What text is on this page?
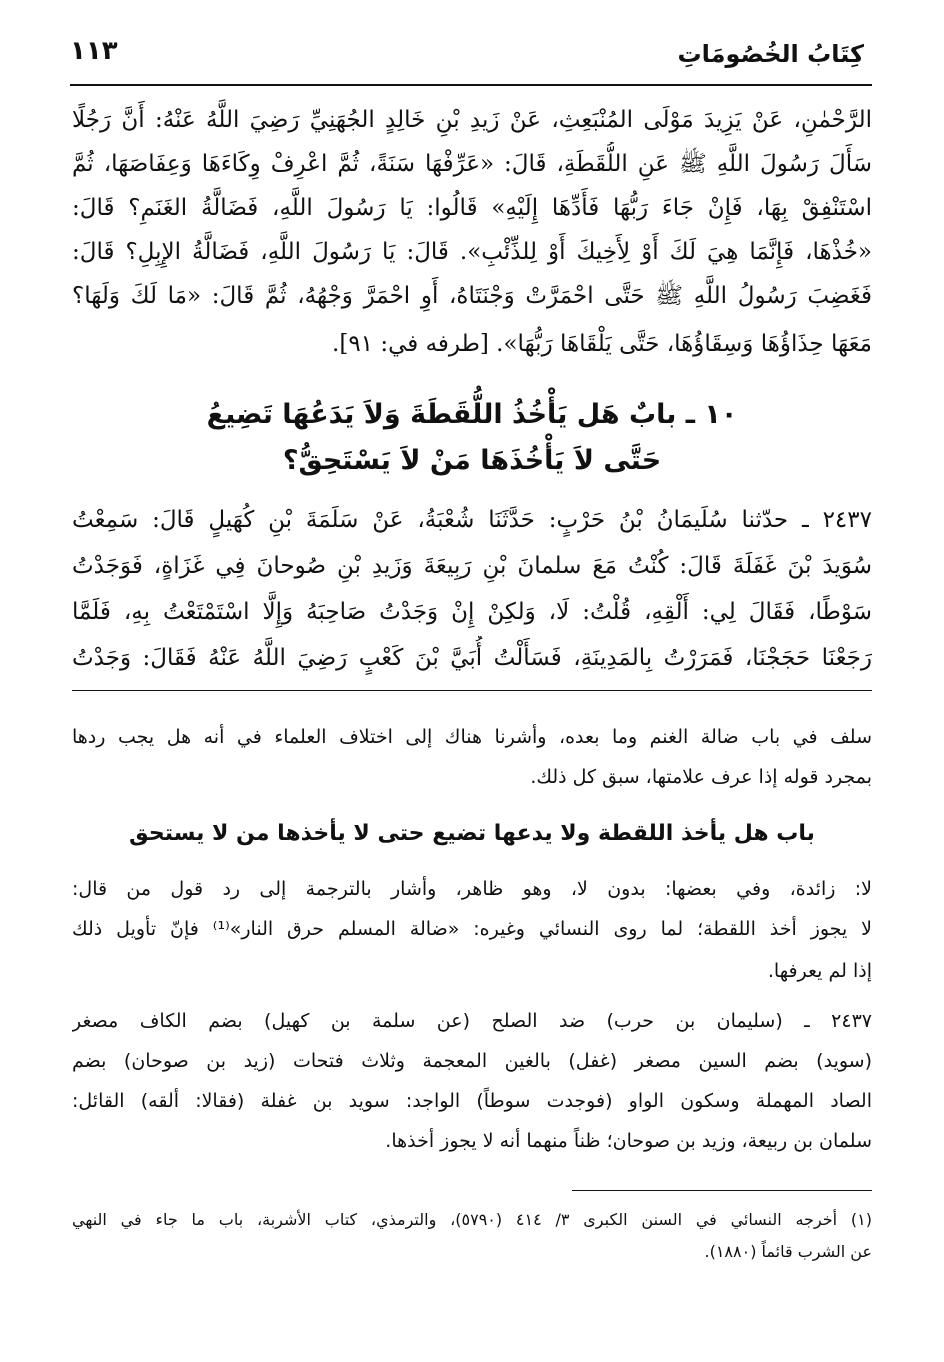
كِتَابُ الخُصُومَاتِ
١١٣
الرَّحْمٰنِ، عَنْ يَزِيدَ مَوْلَى المُنْبَعِثِ، عَنْ زَيدِ بْنِ خَالِدٍ الجُهَنِيِّ رَضِيَ اللَّهُ عَنْهُ: أَنَّ رَجُلًا
سَأَلَ رَسُولَ اللَّهِ ﷺ عَنِ اللُّقَطَةِ، قَالَ: «عَرِّفْهَا سَنَةً، ثُمَّ اعْرِفْ وِكَاءَهَا وَعِفَاصَهَا، ثُمَّ
اسْتَنْفِقْ بِهَا، فَإِنْ جَاءَ رَبُّهَا فَأَدِّهَا إِلَيْهِ» قَالُوا: يَا رَسُولَ اللَّهِ، فَضَالَّةُ الغَنَمِ؟ قَالَ:
«خُذْهَا، فَإِنَّمَا هِيَ لَكَ أَوْ لِأَخِيكَ أَوْ لِلذِّئْبِ». قَالَ: يَا رَسُولَ اللَّهِ، فَضَالَّةُ الإِبِلِ؟ قَالَ:
فَغَضِبَ رَسُولُ اللَّهِ ﷺ حَتَّى احْمَرَّتْ وَجْنَتَاهُ، أَوِ احْمَرَّ وَجْهُهُ، ثُمَّ قَالَ: «مَا لَكَ وَلَهَا؟
مَعَهَا حِذَاؤُهَا وَسِقَاؤُهَا، حَتَّى يَلْقَاهَا رَبُّهَا». [طرفه في: ٩١].
١٠ ـ بابٌ هَل يَأْخُذُ اللُّقَطَةَ وَلاَ يَدَعُهَا تَضِيعُ
حَتَّى لاَ يَأْخُذَهَا مَنْ لاَ يَسْتَحِقُّ؟
٢٤٣٧ ـ حدّثنا سُلَيمَانُ بْنُ حَرْبٍ: حَدَّثَنَا شُعْبَةُ، عَنْ سَلَمَةَ بْنِ كُهَيلٍ قَالَ: سَمِعْتُ
سُوَيدَ بْنَ غَفَلَةَ قَالَ: كُنْتُ مَعَ سلمانَ بْنِ رَبِيعَةَ وَزَيدِ بْنِ صُوحانَ فِي غَزَاةٍ، فَوَجَدْتُ
سَوْطًا، فَقَالَ لِي: أَلْقِهِ، قُلْتُ: لَا، وَلكِنْ إِنْ وَجَدْتُ صَاحِبَهُ وَإِلَّا اسْتَمْتَعْتُ بِهِ، فَلَمَّا
رَجَعْنَا حَجَجْنَا، فَمَرَرْتُ بِالمَدِينَةِ، فَسَأَلْتُ أُبَيَّ بْنَ كَعْبٍ رَضِيَ اللَّهُ عَنْهُ فَقَالَ: وَجَدْتُ
سلف في باب ضالة الغنم وما بعده، وأشرنا هناك إلى اختلاف العلماء في أنه هل يجب ردها
بمجرد قوله إذا عرف علامتها، سبق كل ذلك.
باب هل يأخذ اللقطة ولا يدعها تضيع حتى لا يأخذها من لا يستحق
لا: زائدة، وفي بعضها: بدون لا، وهو ظاهر، وأشار بالترجمة إلى رد قول من قال:
لا يجوز أخذ اللقطة؛ لما روى النسائي وغيره: «ضالة المسلم حرق النار»⁽¹⁾ فإنّ تأويل ذلك
إذا لم يعرفها.
٢٤٣٧ ـ (سليمان بن حرب) ضد الصلح (عن سلمة بن كهيل) بضم الكاف مصغر
(سويد) بضم السين مصغر (غفل) بالغين المعجمة وثلاث فتحات (زيد بن صوحان) بضم
الصاد المهملة وسكون الواو (فوجدت سوطاً) الواجد: سويد بن غفلة (فقالا: ألقه) القائل:
سلمان بن ربيعة، وزيد بن صوحان؛ ظناً منهما أنه لا يجوز أخذها.
(١) أخرجه النسائي في السنن الكبرى ٣/ ٤١٤ (٥٧٩٠)، والترمذي، كتاب الأشربة، باب ما جاء في النهي
عن الشرب قائماً (١٨٨٠).
